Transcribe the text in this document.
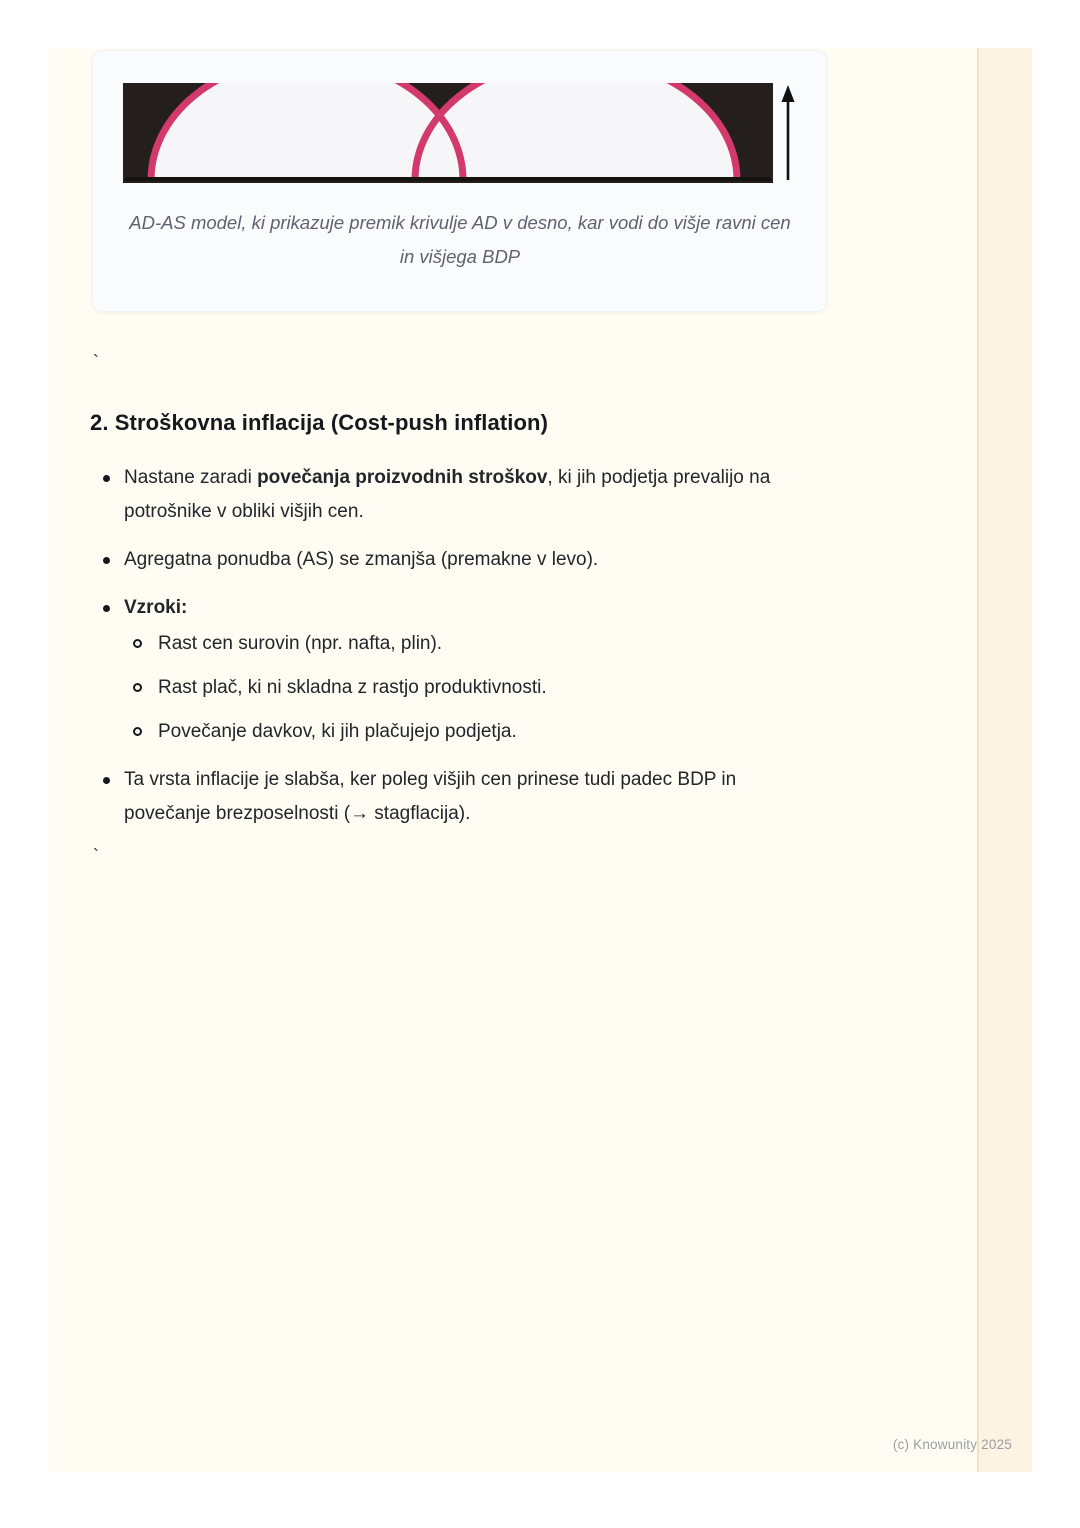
AD-AS model, ki prikazuje premik krivulje AD v desno, kar vodi do višje ravni cen in višjega BDP
`
2. Stroškovna inflacija (Cost-push inflation)
Nastane zaradi povečanja proizvodnih stroškov, ki jih podjetja prevalijo na potrošnike v obliki višjih cen.
Agregatna ponudba (AS) se zmanjša (premakne v levo).
Vzroki:
Rast cen surovin (npr. nafta, plin).
Rast plač, ki ni skladna z rastjo produktivnosti.
Povečanje davkov, ki jih plačujejo podjetja.
Ta vrsta inflacije je slabša, ker poleg višjih cen prinese tudi padec BDP in povečanje brezposelnosti (→ stagflacija).
`
(c) Knowunity 2025
